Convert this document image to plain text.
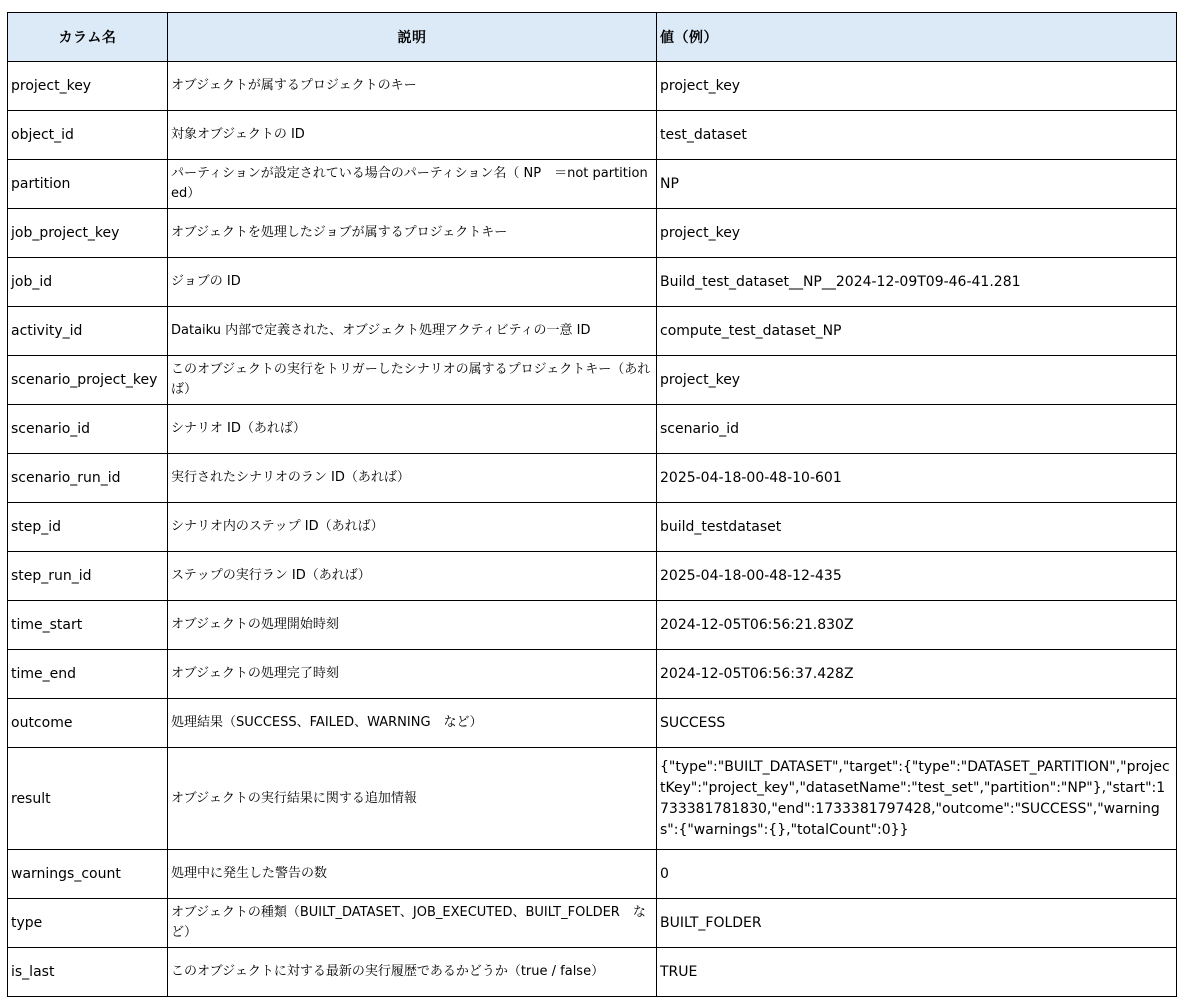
カラム名	説明	値（例）
project_key	オブジェクトが属するプロジェクトのキー	project_key
object_id	対象オブジェクトの ID	test_dataset
partition	パーティションが設定されている場合のパーティション名（ NP　＝not partitioned）	NP
job_project_key	オブジェクトを処理したジョブが属するプロジェクトキー	project_key
job_id	ジョブの ID	Build_test_dataset__NP__2024-12-09T09-46-41.281
activity_id	Dataiku 内部で定義された、オブジェクト処理アクティビティの一意 ID	compute_test_dataset_NP
scenario_project_key	このオブジェクトの実行をトリガーしたシナリオの属するプロジェクトキー（あれば）	project_key
scenario_id	シナリオ ID（あれば）	scenario_id
scenario_run_id	実行されたシナリオのラン ID（あれば）	2025-04-18-00-48-10-601
step_id	シナリオ内のステップ ID（あれば）	build_testdataset
step_run_id	ステップの実行ラン ID（あれば）	2025-04-18-00-48-12-435
time_start	オブジェクトの処理開始時刻	2024-12-05T06:56:21.830Z
time_end	オブジェクトの処理完了時刻	2024-12-05T06:56:37.428Z
outcome	処理結果（SUCCESS、FAILED、WARNING　など）	SUCCESS
result	オブジェクトの実行結果に関する追加情報	{"type":"BUILT_DATASET","target":{"type":"DATASET_PARTITION","projectKey":"project_key","datasetName":"test_set","partition":"NP"},"start":1733381781830,"end":1733381797428,"outcome":"SUCCESS","warnings":{"warnings":{},"totalCount":0}}
warnings_count	処理中に発生した警告の数	0
type	オブジェクトの種類（BUILT_DATASET、JOB_EXECUTED、BUILT_FOLDER　など）	BUILT_FOLDER
is_last	このオブジェクトに対する最新の実行履歴であるかどうか（true / false）	TRUE
